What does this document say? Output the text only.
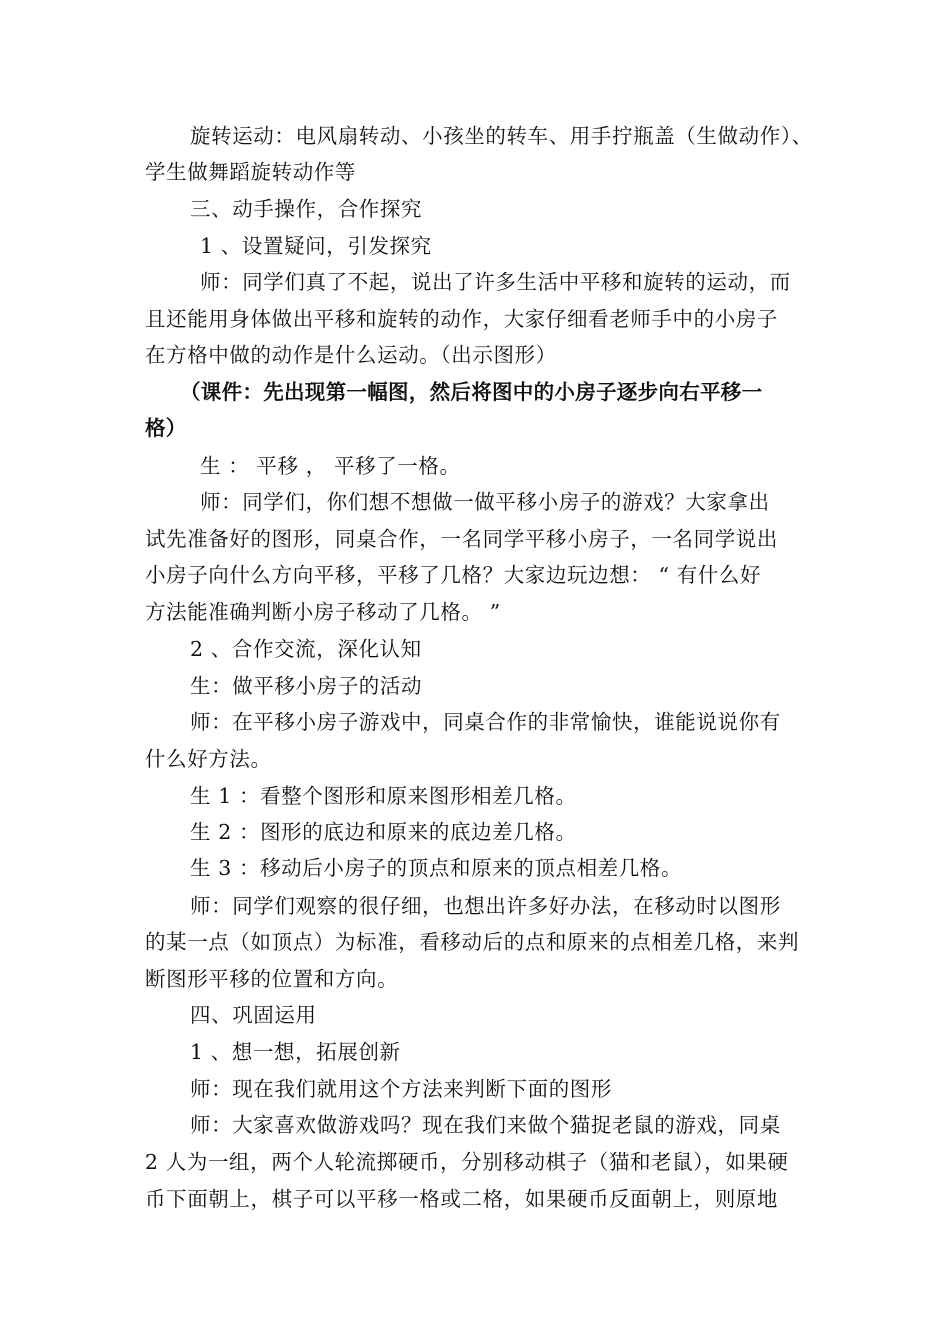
旋转运动：电风扇转动、小孩坐的转车、用手拧瓶盖（生做动作）、
学生做舞蹈旋转动作等
三、动手操作，合作探究
1 、设置疑问，引发探究
师：同学们真了不起，说出了许多生活中平移和旋转的运动，而
且还能用身体做出平移和旋转的动作，大家仔细看老师手中的小房子
在方格中做的动作是什么运动。（出示图形）
（课件：先出现第一幅图，然后将图中的小房子逐步向右平移一
格）
生 ： 平移 ， 平移了一格。
师：同学们，你们想不想做一做平移小房子的游戏？大家拿出
试先准备好的图形，同桌合作，一名同学平移小房子，一名同学说出
小房子向什么方向平移，平移了几格？大家边玩边想： “ 有什么好
方法能准确判断小房子移动了几格。 ”
2 、合作交流，深化认知
生：做平移小房子的活动
师：在平移小房子游戏中，同桌合作的非常愉快，谁能说说你有
什么好方法。
生 1 ：看整个图形和原来图形相差几格。
生 2 ：图形的底边和原来的底边差几格。
生 3 ：移动后小房子的顶点和原来的顶点相差几格。
师：同学们观察的很仔细，也想出许多好办法，在移动时以图形
的某一点（如顶点）为标准，看移动后的点和原来的点相差几格，来判
断图形平移的位置和方向。
四、巩固运用
1 、想一想，拓展创新
师：现在我们就用这个方法来判断下面的图形
师：大家喜欢做游戏吗？现在我们来做个猫捉老鼠的游戏，同桌
2 人为一组，两个人轮流掷硬币，分别移动棋子（猫和老鼠），如果硬
币下面朝上，棋子可以平移一格或二格，如果硬币反面朝上，则原地
